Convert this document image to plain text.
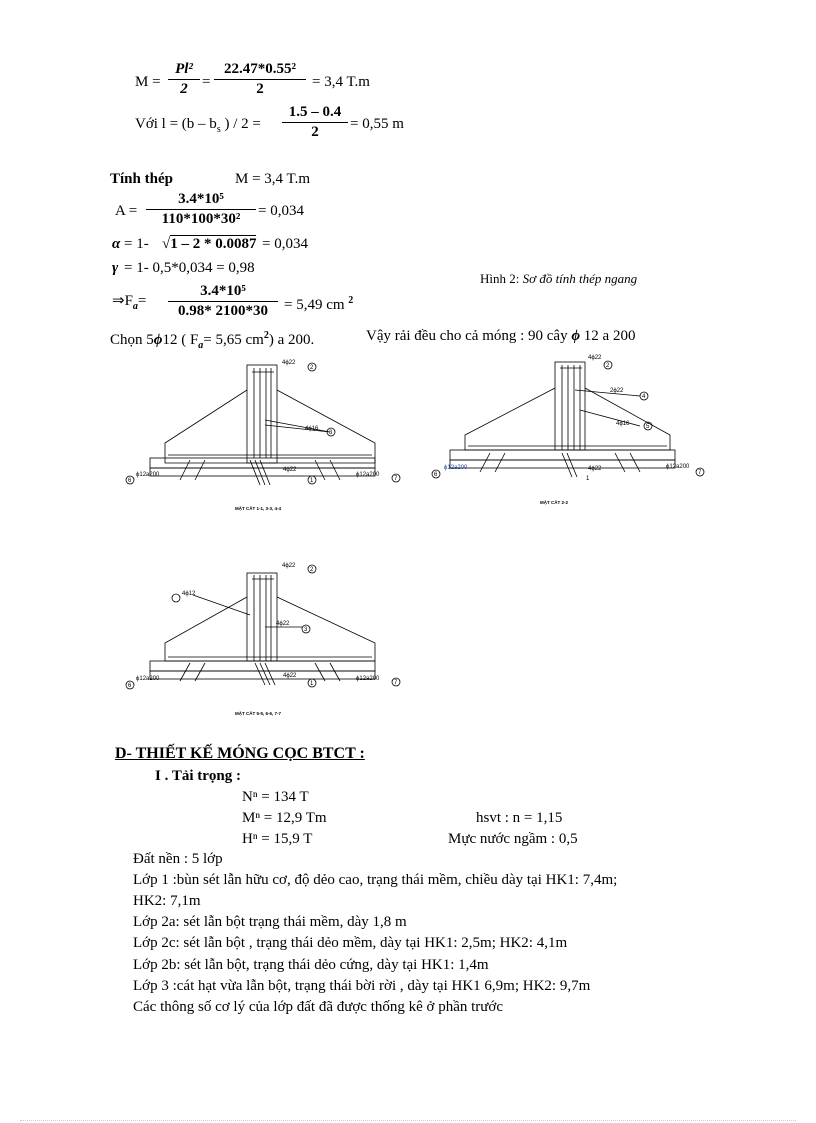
$M = \frac{\text{Pl²}}{2} = \frac{\text{22.47*0.55²}}{2} = 3,4$ T.m
Với $l = (b - b_s$ ) / $2 = \frac{1.5 - 0.4}{2} = 0,55$ m
Tính thép	M = 3,4 T.m
$A = \frac{\text{3.4*10⁵}}{\text{110*100*30²}} = 0,034$
α = 1- √1 – 2 * 0.0087 = 0,034
γ = 1- 0,5*0,034 = 0,98
Hình 2: Sơ đồ tính thép ngang
$\Rightarrow F_a= \frac{\text{3.4*10⁵}}{0.98* 2100*30} = 5,49$ cm $^2$
Chọn 5ϕ12 ( $F_a= 5,65$ $cm^2$) a 200.	Vậy rải đều cho cả móng : 90 cây ϕ 12 a 200
4ϕ22
4ϕ16
4ϕ22
ϕ12a200	ϕ12a200
2
3
1
6	7
MẶT CẮT 1-1, 3-3, 4-4
4ϕ22
2ϕ22
4ϕ16
4ϕ22
ϕ12a200	ϕ12a200
2
4
5
1
6	7
MẶT CẮT 2-2
4ϕ22
4ϕ22
4ϕ12
4ϕ22
ϕ12a200	ϕ12a200
2
3
1
6	7
MẶT CẮT 5-5, 6-6, 7-7
D- THIẾT KẾ MÓNG CỌC BTCT :
I . Tải trọng :
Nⁿ = 134 T
Mⁿ = 12,9 Tm	hsvt : n = 1,15
Hⁿ = 15,9 T	Mực nước ngầm : 0,5
Đất nền : 5 lớp
Lớp 1 :bùn sét lẫn hữu cơ, độ dẻo cao, trạng thái mềm, chiều dày tại HK1: 7,4m;
HK2: 7,1m
Lớp 2a: sét lẫn bột trạng thái mềm, dày 1,8 m
Lớp 2c: sét lẫn bột , trạng thái dẻo mềm, dày tại HK1: 2,5m; HK2: 4,1m
Lớp 2b: sét lẫn bột, trạng thái dẻo cứng, dày tại HK1: 1,4m
Lớp 3 :cát hạt vừa lẫn bột, trạng thái bời rời , dày tại HK1 6,9m; HK2: 9,7m
Các thông số cơ lý của lớp đất đã được thống kê ở phần trước
